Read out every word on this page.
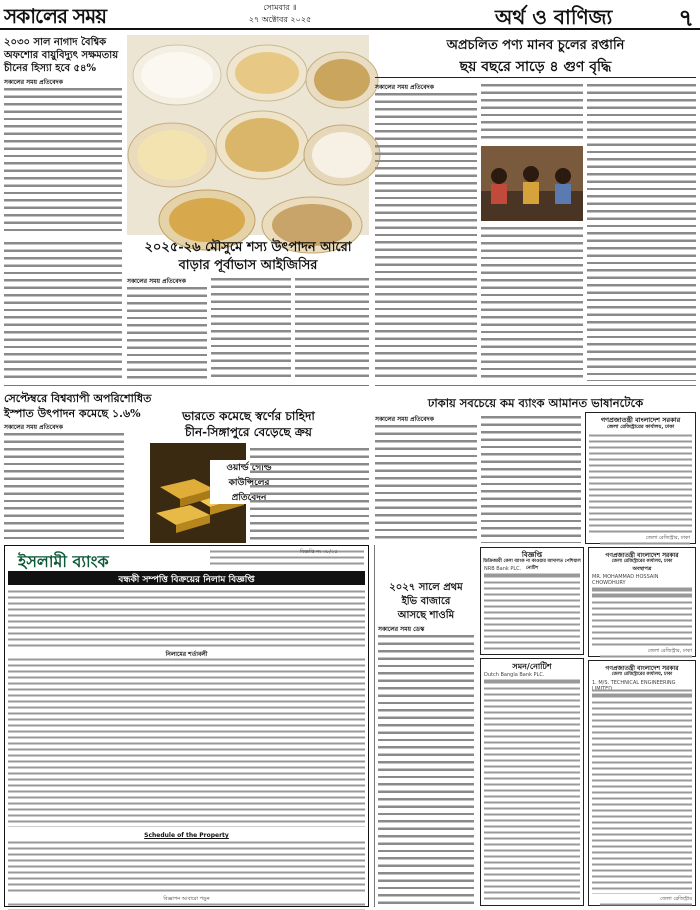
সকালের সময়	সোমবার ॥
২৭ অক্টোবর ২০২৫	অর্থ ও বাণিজ্য	৭
২০৩০ সাল নাগাদ বৈশ্বিক
অফশোর বায়ুবিদ্যুৎ সক্ষমতায়
চীনের হিস্যা হবে ৫৪%
সকালের সময় প্রতিবেদক
২০২৫-২৬ মৌসুমে শস্য উৎপাদন আরো
বাড়ার পূর্বাভাস আইজিসির
সকালের সময় প্রতিবেদক
সেপ্টেম্বরে বিশ্বব্যাপী অপরিশোধিত
ইস্পাত উৎপাদন কমেছে ১.৬%
সকালের সময় প্রতিবেদক
ভারতে কমেছে স্বর্ণের চাহিদা
চীন-সিঙ্গাপুরে বেড়েছে ক্রয়
ওয়ার্ল্ড গোল্ড
কাউন্সিলের
প্রতিবেদন
অপ্রচলিত পণ্য মানব চুলের রপ্তানি
ছয় বছরে সাড়ে ৪ গুণ বৃদ্ধি
সকালের সময় প্রতিবেদক
ঢাকায় সবচেয়ে কম ব্যাংক আমানত ভাষানটেকে
সকালের সময় প্রতিবেদক	গণপ্রজাতন্ত্রী বাংলাদেশ সরকার
জেলা রেজিস্ট্রারের কার্যালয়, ঢাকা
জেলা রেজিস্ট্রার, ঢাকা
ইসলামী ব্যাংক	বিজ্ঞপ্তি নং ৩৮/২৫
বন্ধকী সম্পত্তি বিক্রয়ের নিলাম বিজ্ঞপ্তি
নিলামের শর্তাবলী
Schedule of the Property
বিজ্ঞাপন আবারো পড়ুন
২০২৭ সালে প্রথম
ইভি বাজারে
আসছে শাওমি
সকালের সময় ডেস্ক
বিজ্ঞপ্তি
ডিক্রিজারী কেসা ব্যাংক না কাওয়ার আদালত পেশিয়াল নোটিশ
NRB Bank PLC.
সমন/নোটিশ
Dutch Bangla Bank PLC.
গণপ্রজাতন্ত্রী বাংলাদেশ সরকার
জেলা রেজিস্ট্রারের কার্যালয়, ঢাকা
অবস্থাপত্র
MR. MOHAMMAD HOSSAIN CHOWDHURY
জেলা রেজিস্ট্রার, ঢাকা
গণপ্রজাতন্ত্রী বাংলাদেশ সরকার
জেলা রেজিস্ট্রারের কার্যালয়, ঢাকা
1. M/S. TECHNICAL ENGINEERING LIMITED
জেলা রেজিস্ট্রার
